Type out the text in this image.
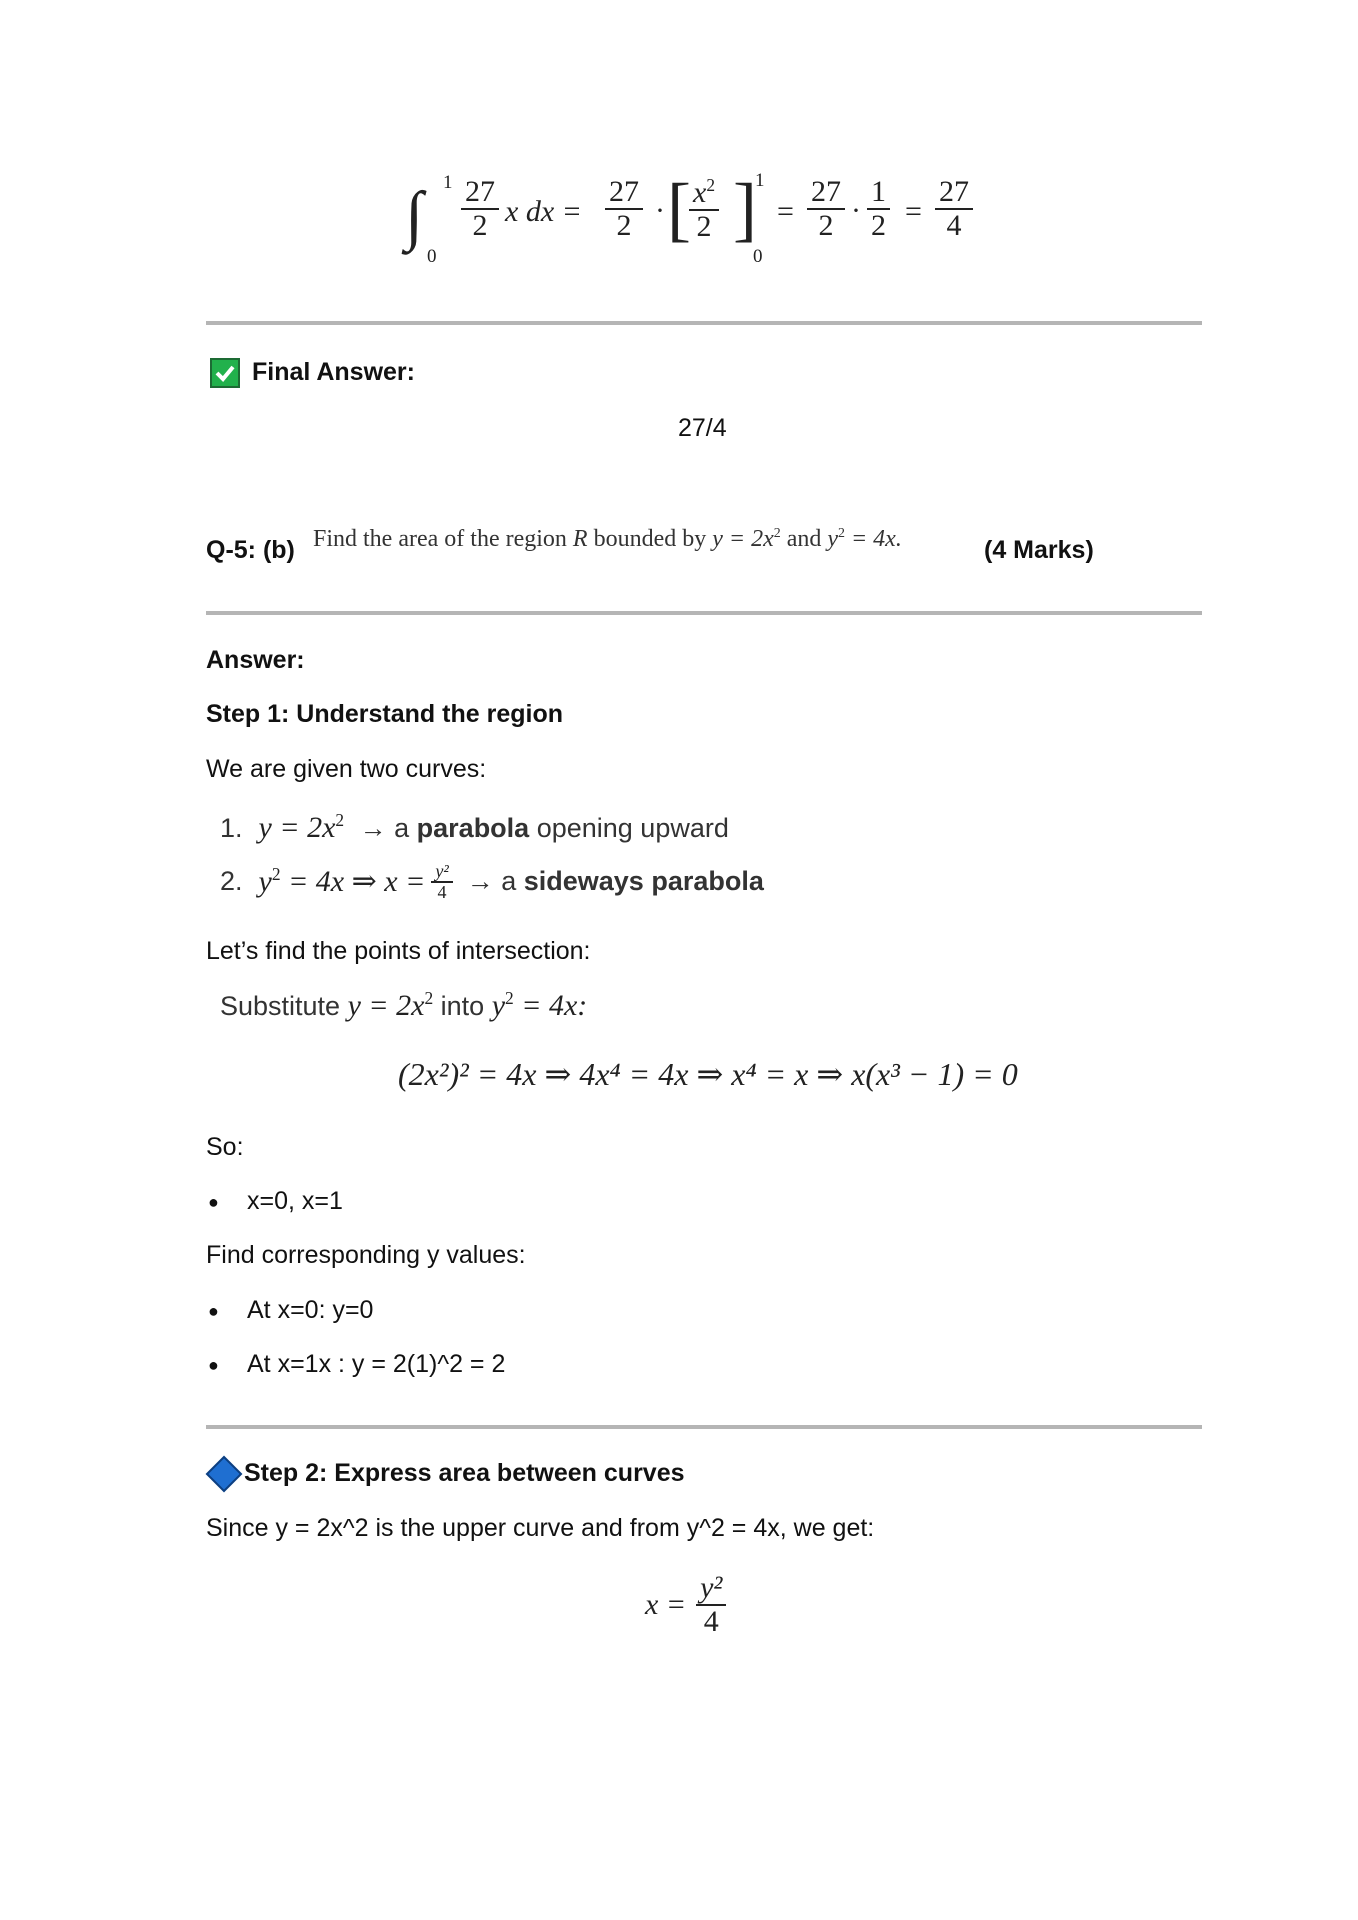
∫ 1
0
$\frac{27}{2}$ x dx = $\frac{27}{2}$ · [
$\frac{x^2}{2}$ ]
1
0
= $\frac{27}{2} \cdot \frac{1}{2} = \frac{27}{4}$
Final Answer:
27/4
Q-5: (b) Find the area of the region R bounded by $y = 2x^2$ and $y^2 = 4x$.	(4 Marks)
Answer:
Step 1: Understand the region
We are given two curves:
1. $y = 2x^2 \to a$ parabola opening upward
2. $y^2 = 4x$ ⇒ $x = \frac{\text{y²}}{4} \to a$ sideways parabola
Let’s find the points of intersection:
Substitute $y = 2x^2$ into $y^2 = 4x$:
(2x²)² = 4x ⇒ 4x⁴ = 4x ⇒ x⁴ = x ⇒ x(x³ − 1) = 0
So:
● x=0, x=1
Find corresponding y values:
● At x=0: y=0
● At x=1x : y = 2(1)^2 = 2
Step 2: Express area between curves
Since y = 2x^2 is the upper curve and from y^2 = 4x, we get:
$x = \frac{\text{y²}}{4}$
